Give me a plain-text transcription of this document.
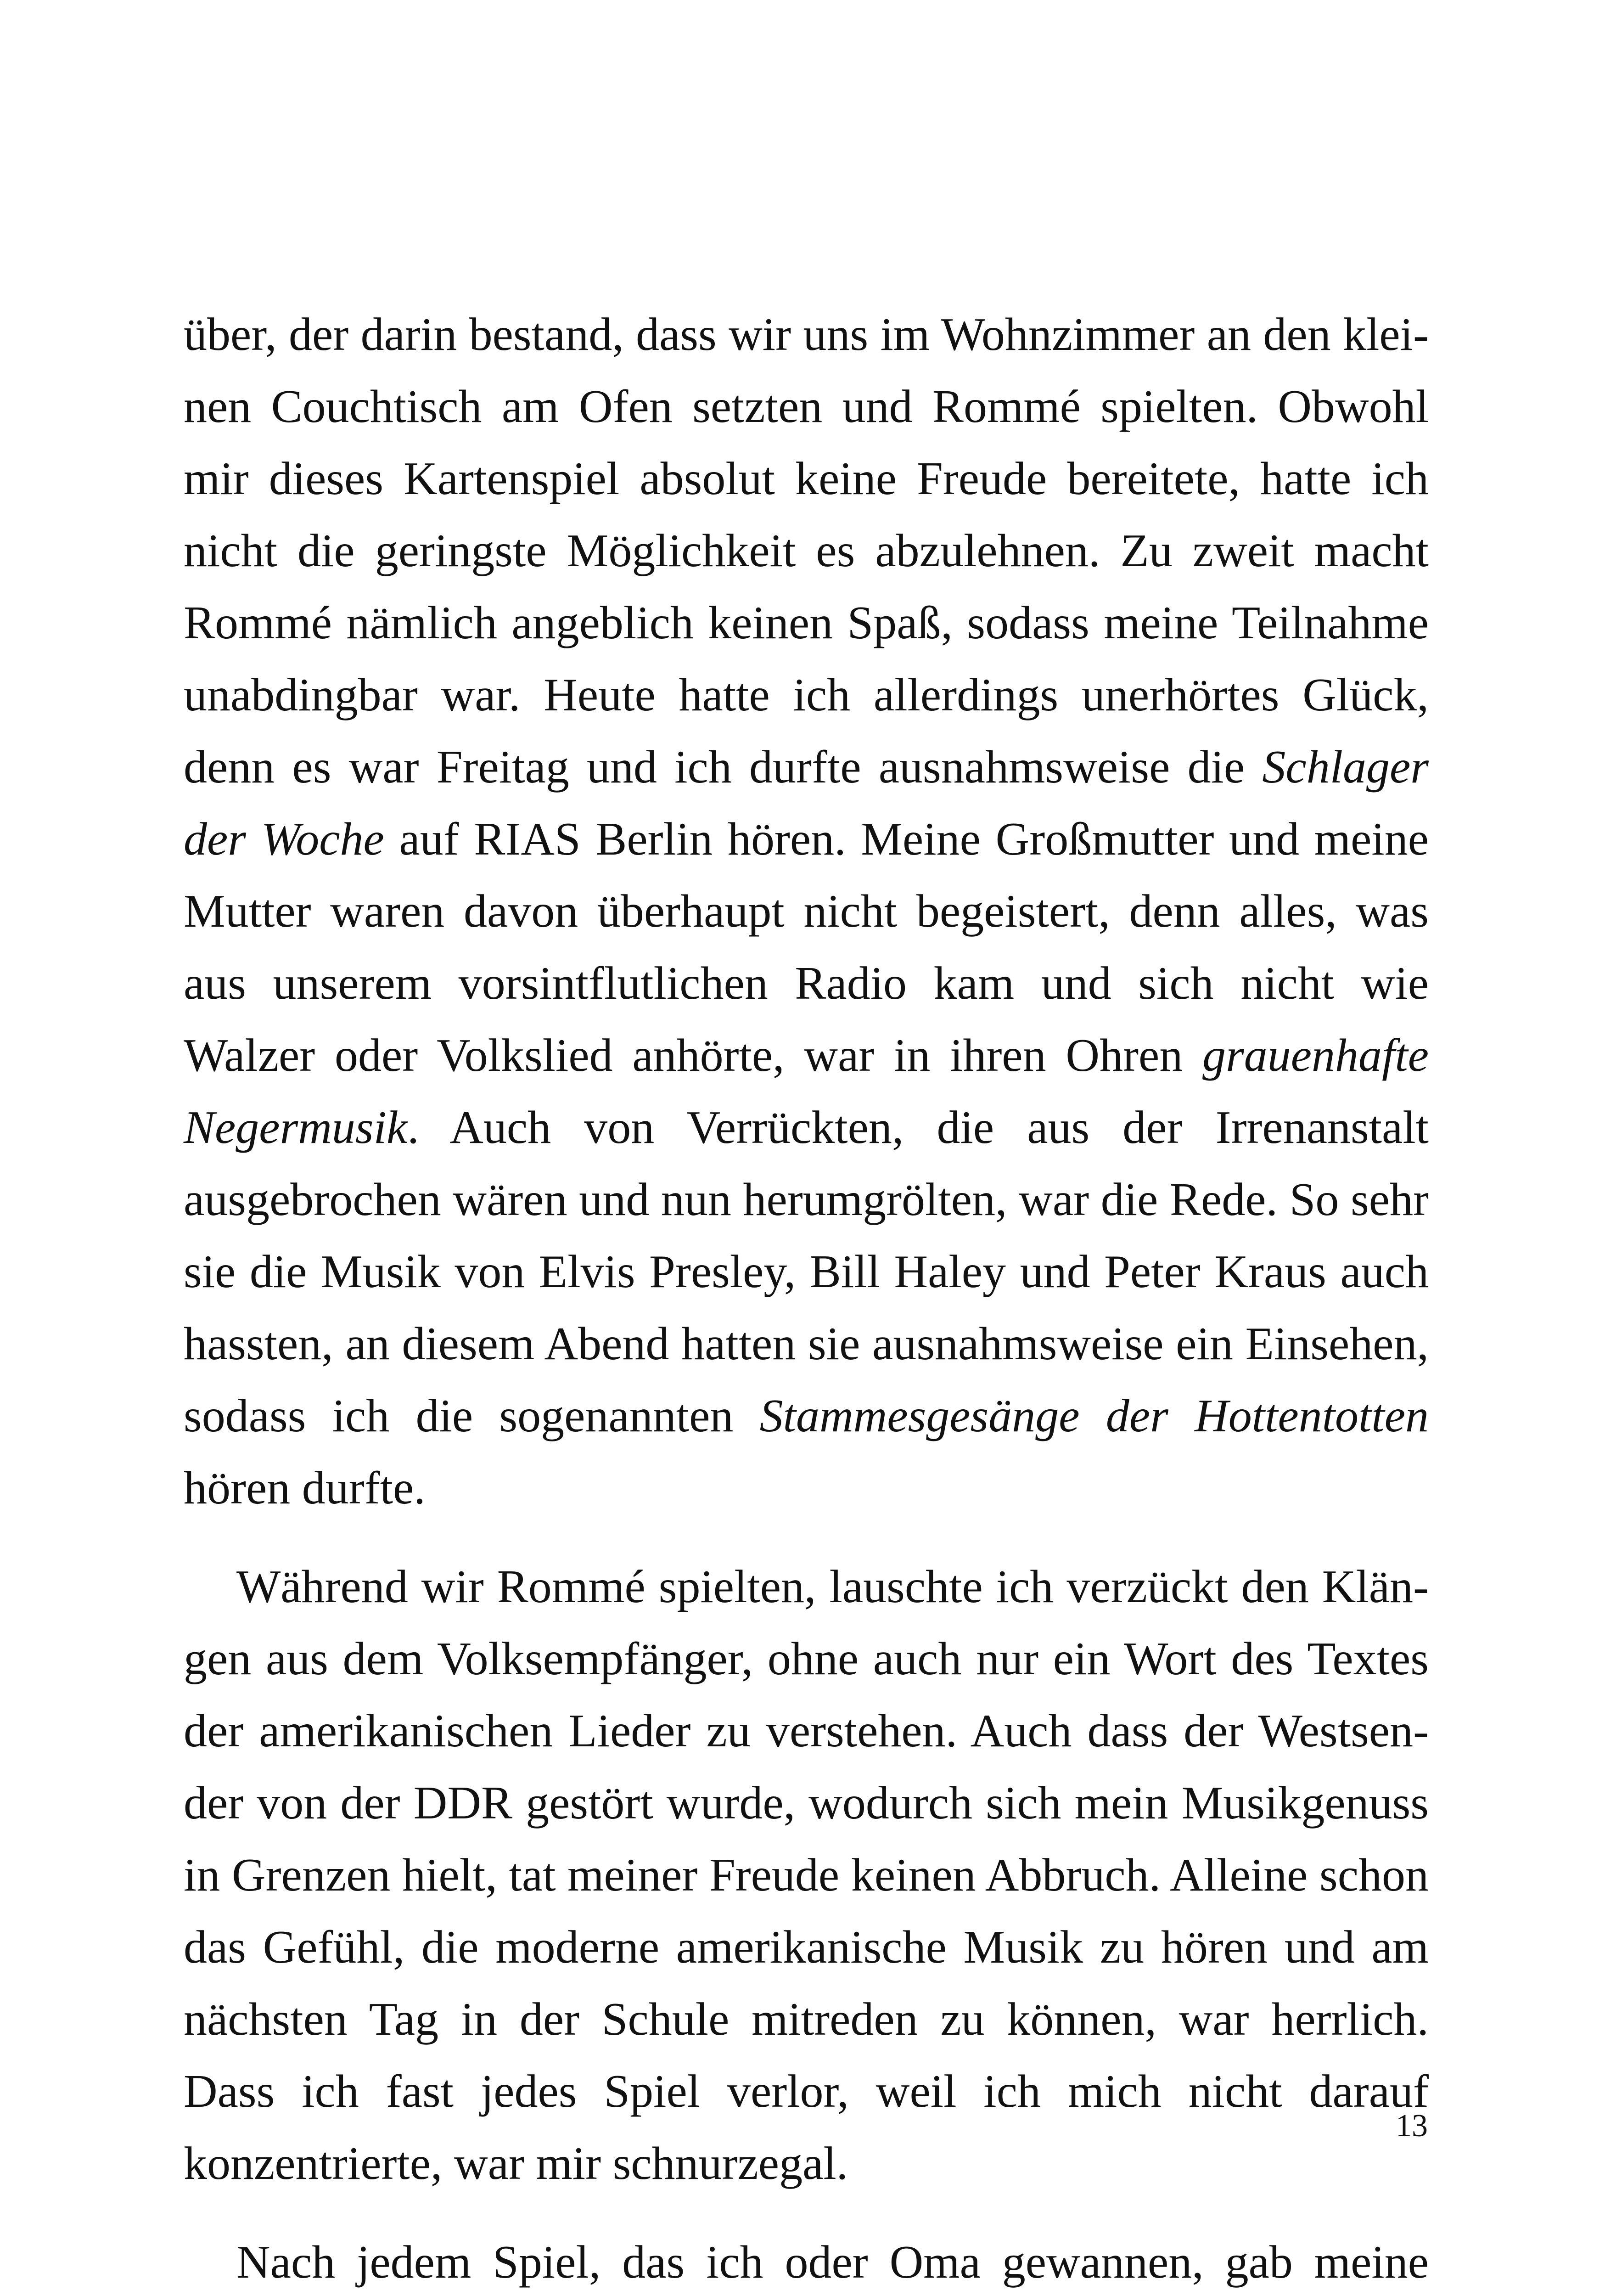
über, der darin bestand, dass wir uns im Wohnzimmer an den kleinen Couchtisch am Ofen setzten und Rommé spielten. Obwohl mir dieses Kartenspiel absolut keine Freude bereitete, hatte ich nicht die geringste Möglichkeit es abzulehnen. Zu zweit macht Rommé nämlich angeblich keinen Spaß, sodass meine Teilnahme unabdingbar war. Heute hatte ich allerdings unerhörtes Glück, denn es war Freitag und ich durfte ausnahmsweise die Schlager der Woche auf RIAS Berlin hören. Meine Großmutter und meine Mutter waren davon überhaupt nicht begeistert, denn alles, was aus unserem vorsintflutlichen Radio kam und sich nicht wie Walzer oder Volkslied anhörte, war in ihren Ohren grauenhafte Negermusik. Auch von Verrückten, die aus der Irrenanstalt ausgebrochen wären und nun herumgrölten, war die Rede. So sehr sie die Musik von Elvis Presley, Bill Haley und Peter Kraus auch hassten, an diesem Abend hatten sie ausnahmsweise ein Einsehen, sodass ich die sogenannten Stammesgesänge der Hottentotten hören durfte.

Während wir Rommé spielten, lauschte ich verzückt den Klängen aus dem Volksempfänger, ohne auch nur ein Wort des Textes der amerikanischen Lieder zu verstehen. Auch dass der Westsender von der DDR gestört wurde, wodurch sich mein Musikgenuss in Grenzen hielt, tat meiner Freude keinen Abbruch. Alleine schon das Gefühl, die moderne amerikanische Musik zu hören und am nächsten Tag in der Schule mitreden zu können, war herrlich. Dass ich fast jedes Spiel verlor, weil ich mich nicht darauf konzentrierte, war mir schnurzegal.

Nach jedem Spiel, das ich oder Oma gewannen, gab meine

13
